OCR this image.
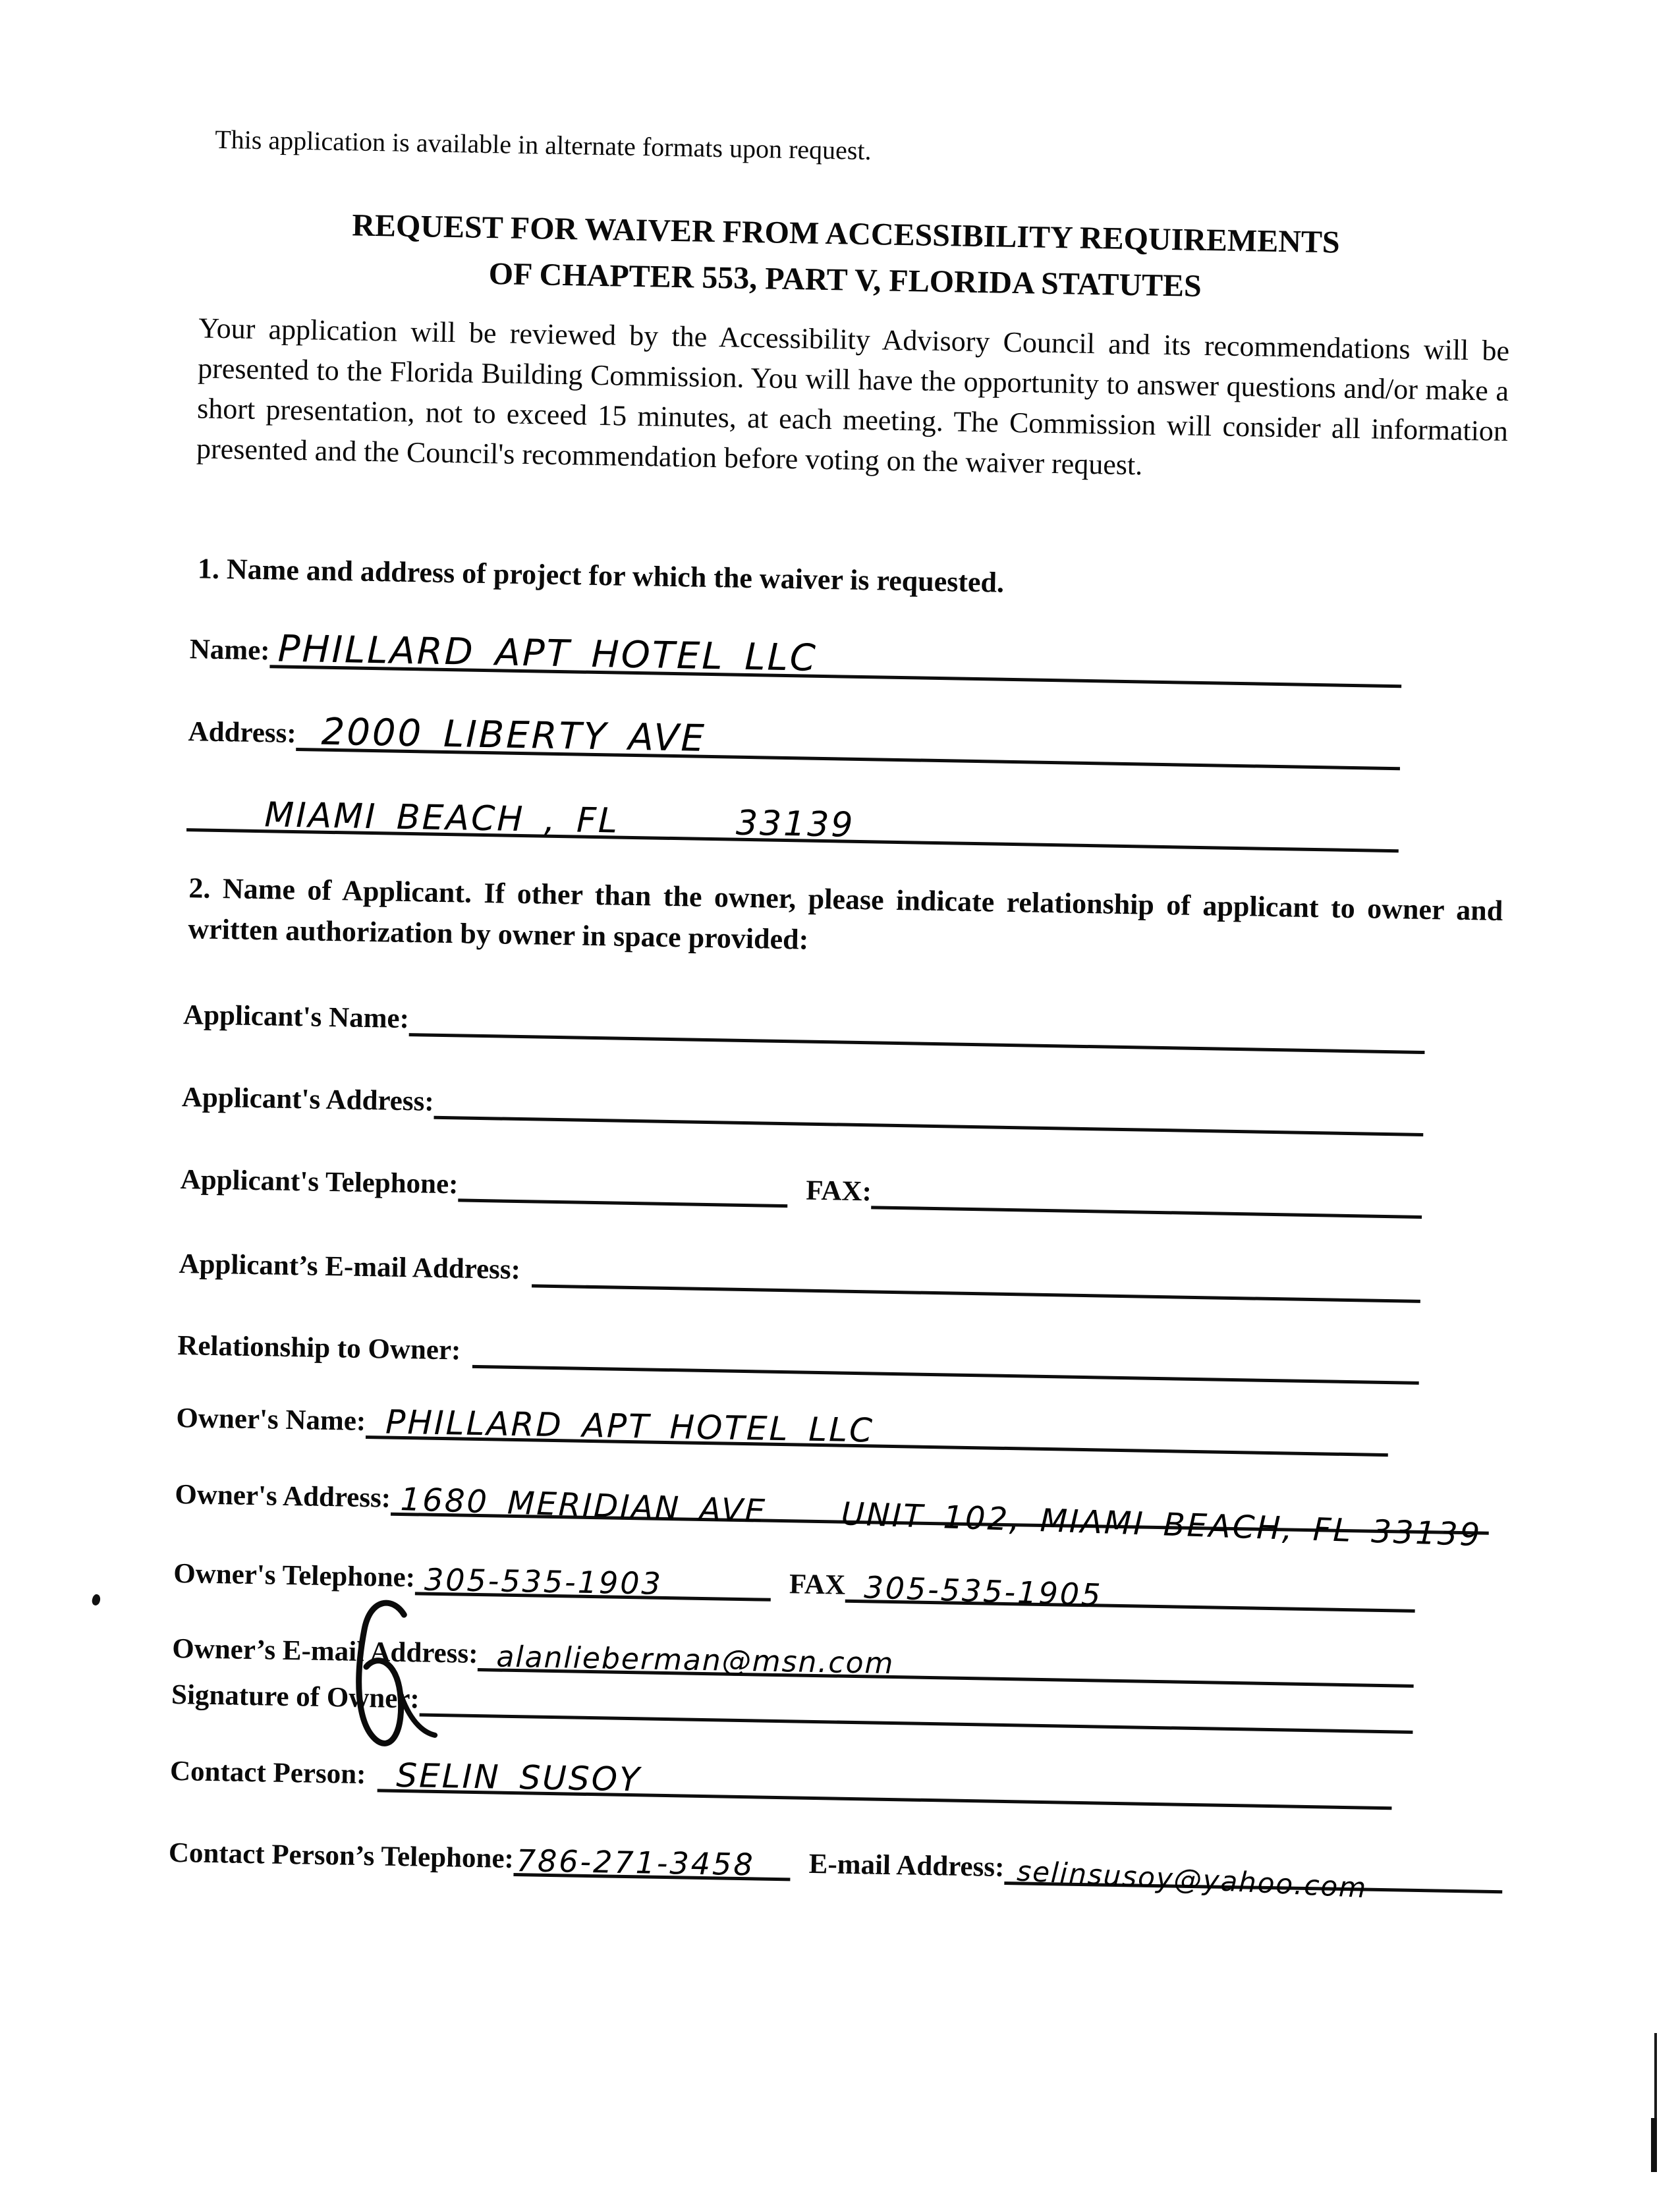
This application is available in alternate formats upon request.

REQUEST FOR WAIVER FROM ACCESSIBILITY REQUIREMENTS
OF CHAPTER 553, PART V, FLORIDA STATUTES

Your application will be reviewed by the Accessibility Advisory Council and its recommendations will be presented to the Florida Building Commission. You will have the opportunity to answer questions and/or make a short presentation, not to exceed 15 minutes, at each meeting. The Commission will consider all information presented and the Council's recommendation before voting on the waiver request.

1. Name and address of project for which the waiver is requested.
Name: PHILLARD APT HOTEL LLC
Address: 2000 LIBERTY AVE
MIAMI BEACH , FL      33139
2. Name of Applicant. If other than the owner, please indicate relationship of applicant to owner and written authorization by owner in space provided:
Applicant's Name:
Applicant's Address:
Applicant's Telephone:	FAX:
Applicant’s E-mail Address:
Relationship to Owner:
Owner's Name: PHILLARD APT HOTEL LLC
Owner's Address: 1680 MERIDIAN AVE    UNIT 102, MIAMI BEACH, FL 33139
Owner's Telephone: 305-535-1903	FAX 305-535-1905
Owner’s E-mail Address: alanlieberman@msn.com
Signature of Owner:
Contact Person: SELIN SUSOY
Contact Person’s Telephone: 786-271-3458 E-mail Address: selinsusoy@yahoo.com
